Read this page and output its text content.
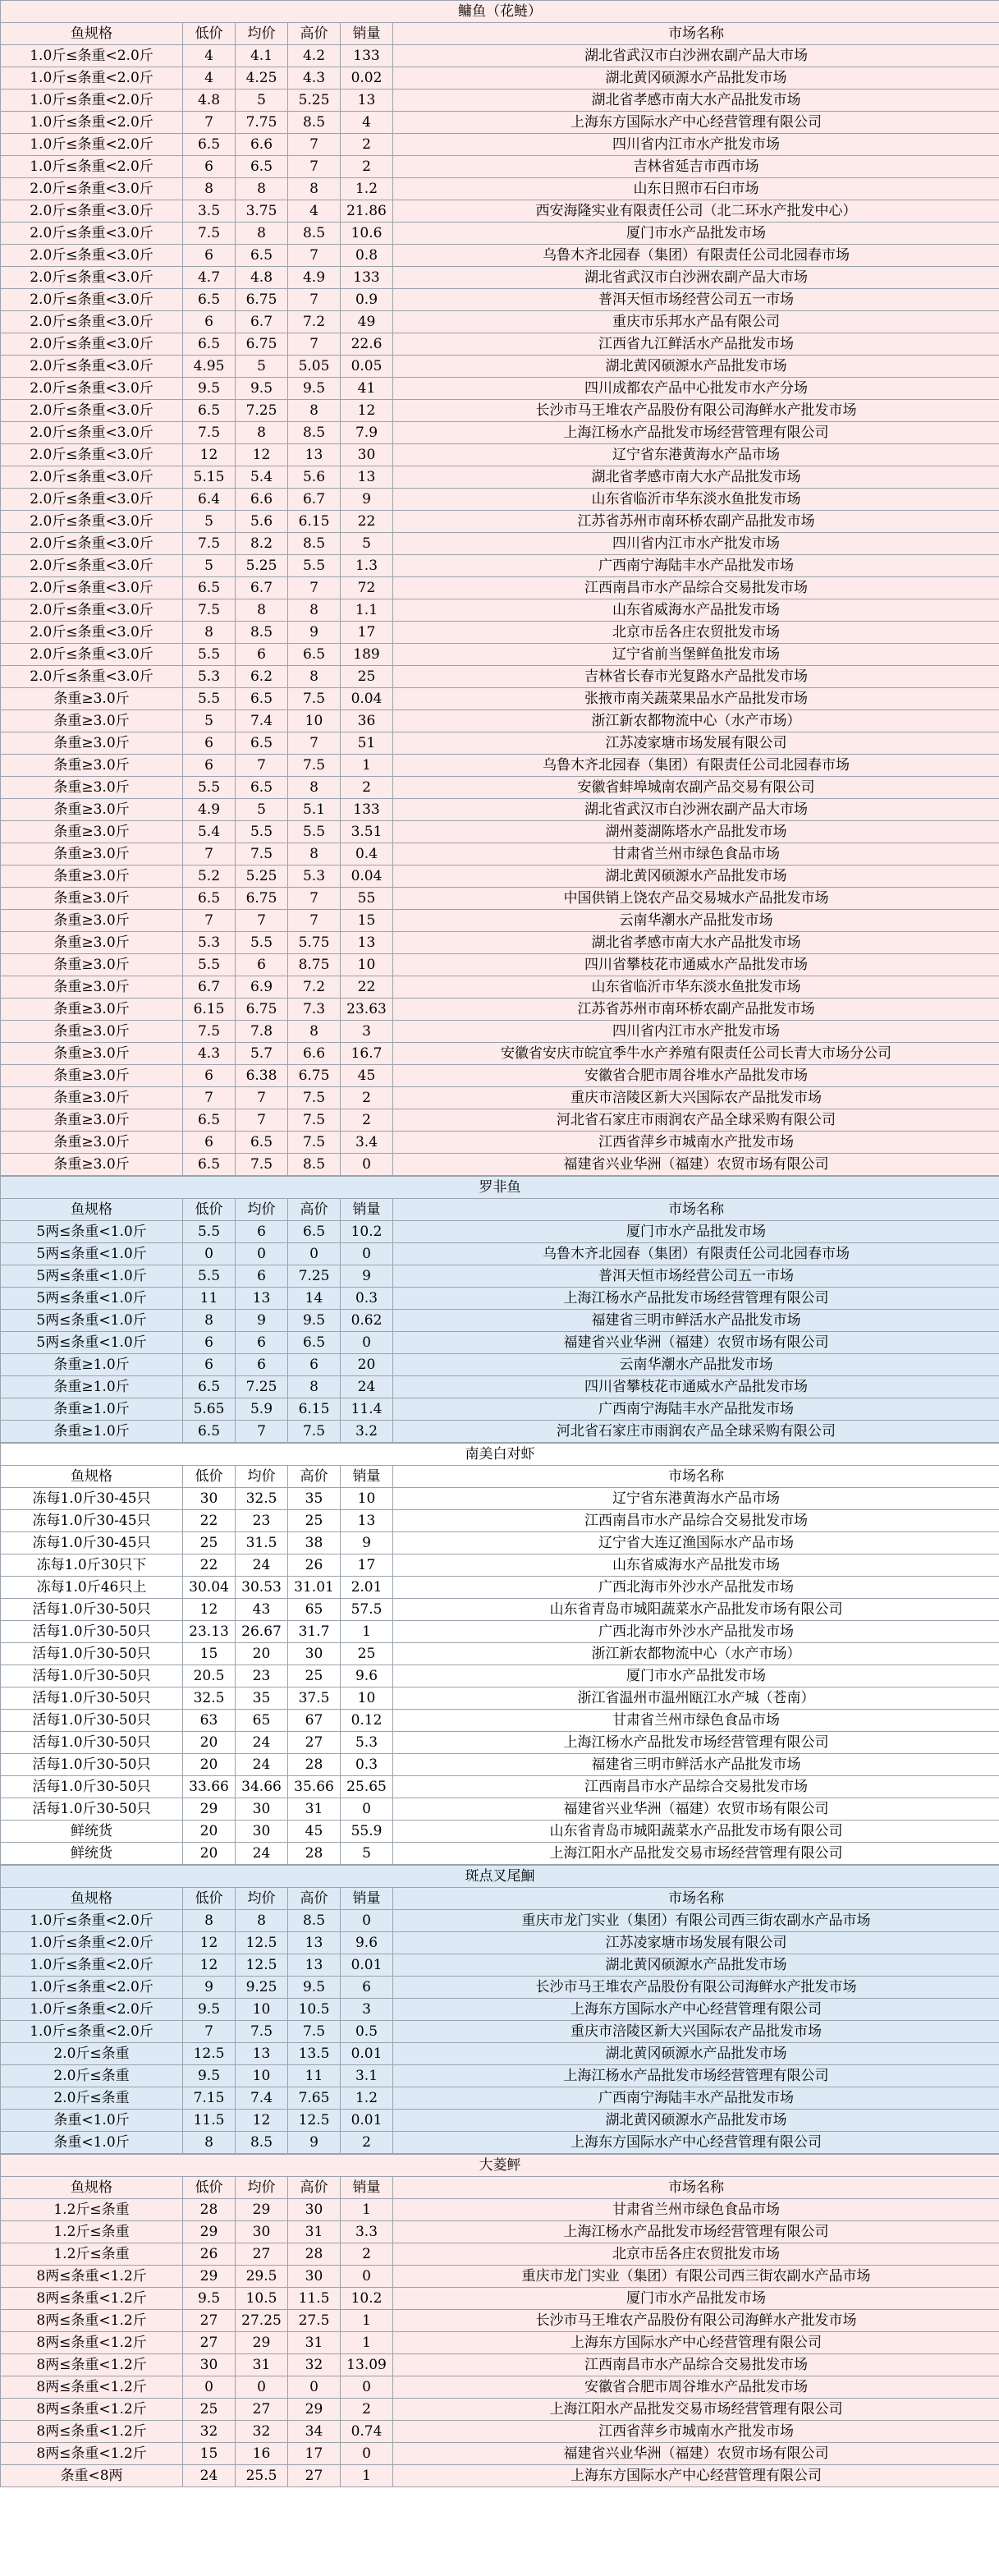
鳙鱼（花鲢）					
鱼规格	低价	均价	高价	销量	市场名称
1.0斤≤条重<2.0斤	4	4.1	4.2	133	湖北省武汉市白沙洲农副产品大市场
1.0斤≤条重<2.0斤	4	4.25	4.3	0.02	湖北黄冈硕源水产品批发市场
1.0斤≤条重<2.0斤	4.8	5	5.25	13	湖北省孝感市南大水产品批发市场
1.0斤≤条重<2.0斤	7	7.75	8.5	4	上海东方国际水产中心经营管理有限公司
1.0斤≤条重<2.0斤	6.5	6.6	7	2	四川省内江市水产批发市场
1.0斤≤条重<2.0斤	6	6.5	7	2	吉林省延吉市西市场
2.0斤≤条重<3.0斤	8	8	8	1.2	山东日照市石臼市场
2.0斤≤条重<3.0斤	3.5	3.75	4	21.86	西安海隆实业有限责任公司（北二环水产批发中心）
2.0斤≤条重<3.0斤	7.5	8	8.5	10.6	厦门市水产品批发市场
2.0斤≤条重<3.0斤	6	6.5	7	0.8	乌鲁木齐北园春（集团）有限责任公司北园春市场
2.0斤≤条重<3.0斤	4.7	4.8	4.9	133	湖北省武汉市白沙洲农副产品大市场
2.0斤≤条重<3.0斤	6.5	6.75	7	0.9	普洱天恒市场经营公司五一市场
2.0斤≤条重<3.0斤	6	6.7	7.2	49	重庆市乐邦水产品有限公司
2.0斤≤条重<3.0斤	6.5	6.75	7	22.6	江西省九江鲜活水产品批发市场
2.0斤≤条重<3.0斤	4.95	5	5.05	0.05	湖北黄冈硕源水产品批发市场
2.0斤≤条重<3.0斤	9.5	9.5	9.5	41	四川成都农产品中心批发市水产分场
2.0斤≤条重<3.0斤	6.5	7.25	8	12	长沙市马王堆农产品股份有限公司海鲜水产批发市场
2.0斤≤条重<3.0斤	7.5	8	8.5	7.9	上海江杨水产品批发市场经营管理有限公司
2.0斤≤条重<3.0斤	12	12	13	30	辽宁省东港黄海水产品市场
2.0斤≤条重<3.0斤	5.15	5.4	5.6	13	湖北省孝感市南大水产品批发市场
2.0斤≤条重<3.0斤	6.4	6.6	6.7	9	山东省临沂市华东淡水鱼批发市场
2.0斤≤条重<3.0斤	5	5.6	6.15	22	江苏省苏州市南环桥农副产品批发市场
2.0斤≤条重<3.0斤	7.5	8.2	8.5	5	四川省内江市水产批发市场
2.0斤≤条重<3.0斤	5	5.25	5.5	1.3	广西南宁海陆丰水产品批发市场
2.0斤≤条重<3.0斤	6.5	6.7	7	72	江西南昌市水产品综合交易批发市场
2.0斤≤条重<3.0斤	7.5	8	8	1.1	山东省威海水产品批发市场
2.0斤≤条重<3.0斤	8	8.5	9	17	北京市岳各庄农贸批发市场
2.0斤≤条重<3.0斤	5.5	6	6.5	189	辽宁省前当堡鲜鱼批发市场
2.0斤≤条重<3.0斤	5.3	6.2	8	25	吉林省长春市光复路水产品批发市场
条重≥3.0斤	5.5	6.5	7.5	0.04	张掖市南关蔬菜果品水产品批发市场
条重≥3.0斤	5	7.4	10	36	浙江新农都物流中心（水产市场）
条重≥3.0斤	6	6.5	7	51	江苏凌家塘市场发展有限公司
条重≥3.0斤	6	7	7.5	1	乌鲁木齐北园春（集团）有限责任公司北园春市场
条重≥3.0斤	5.5	6.5	8	2	安徽省蚌埠城南农副产品交易有限公司
条重≥3.0斤	4.9	5	5.1	133	湖北省武汉市白沙洲农副产品大市场
条重≥3.0斤	5.4	5.5	5.5	3.51	湖州菱湖陈塔水产品批发市场
条重≥3.0斤	7	7.5	8	0.4	甘肃省兰州市绿色食品市场
条重≥3.0斤	5.2	5.25	5.3	0.04	湖北黄冈硕源水产品批发市场
条重≥3.0斤	6.5	6.75	7	55	中国供销上饶农产品交易城水产品批发市场
条重≥3.0斤	7	7	7	15	云南华潮水产品批发市场
条重≥3.0斤	5.3	5.5	5.75	13	湖北省孝感市南大水产品批发市场
条重≥3.0斤	5.5	6	8.75	10	四川省攀枝花市通威水产品批发市场
条重≥3.0斤	6.7	6.9	7.2	22	山东省临沂市华东淡水鱼批发市场
条重≥3.0斤	6.15	6.75	7.3	23.63	江苏省苏州市南环桥农副产品批发市场
条重≥3.0斤	7.5	7.8	8	3	四川省内江市水产批发市场
条重≥3.0斤	4.3	5.7	6.6	16.7	安徽省安庆市皖宜季牛水产养殖有限责任公司长青大市场分公司
条重≥3.0斤	6	6.38	6.75	45	安徽省合肥市周谷堆水产品批发市场
条重≥3.0斤	7	7	7.5	2	重庆市涪陵区新大兴国际农产品批发市场
条重≥3.0斤	6.5	7	7.5	2	河北省石家庄市雨润农产品全球采购有限公司
条重≥3.0斤	6	6.5	7.5	3.4	江西省萍乡市城南水产批发市场
条重≥3.0斤	6.5	7.5	8.5	0	福建省兴业华洲（福建）农贸市场有限公司
罗非鱼					
鱼规格	低价	均价	高价	销量	市场名称
5两≤条重<1.0斤	5.5	6	6.5	10.2	厦门市水产品批发市场
5两≤条重<1.0斤	0	0	0	0	乌鲁木齐北园春（集团）有限责任公司北园春市场
5两≤条重<1.0斤	5.5	6	7.25	9	普洱天恒市场经营公司五一市场
5两≤条重<1.0斤	11	13	14	0.3	上海江杨水产品批发市场经营管理有限公司
5两≤条重<1.0斤	8	9	9.5	0.62	福建省三明市鲜活水产品批发市场
5两≤条重<1.0斤	6	6	6.5	0	福建省兴业华洲（福建）农贸市场有限公司
条重≥1.0斤	6	6	6	20	云南华潮水产品批发市场
条重≥1.0斤	6.5	7.25	8	24	四川省攀枝花市通威水产品批发市场
条重≥1.0斤	5.65	5.9	6.15	11.4	广西南宁海陆丰水产品批发市场
条重≥1.0斤	6.5	7	7.5	3.2	河北省石家庄市雨润农产品全球采购有限公司
南美白对虾					
鱼规格	低价	均价	高价	销量	市场名称
冻每1.0斤30-45只	30	32.5	35	10	辽宁省东港黄海水产品市场
冻每1.0斤30-45只	22	23	25	13	江西南昌市水产品综合交易批发市场
冻每1.0斤30-45只	25	31.5	38	9	辽宁省大连辽渔国际水产品市场
冻每1.0斤30只下	22	24	26	17	山东省威海水产品批发市场
冻每1.0斤46只上	30.04	30.53	31.01	2.01	广西北海市外沙水产品批发市场
活每1.0斤30-50只	12	43	65	57.5	山东省青岛市城阳蔬菜水产品批发市场有限公司
活每1.0斤30-50只	23.13	26.67	31.7	1	广西北海市外沙水产品批发市场
活每1.0斤30-50只	15	20	30	25	浙江新农都物流中心（水产市场）
活每1.0斤30-50只	20.5	23	25	9.6	厦门市水产品批发市场
活每1.0斤30-50只	32.5	35	37.5	10	浙江省温州市温州瓯江水产城（苍南）
活每1.0斤30-50只	63	65	67	0.12	甘肃省兰州市绿色食品市场
活每1.0斤30-50只	20	24	27	5.3	上海江杨水产品批发市场经营管理有限公司
活每1.0斤30-50只	20	24	28	0.3	福建省三明市鲜活水产品批发市场
活每1.0斤30-50只	33.66	34.66	35.66	25.65	江西南昌市水产品综合交易批发市场
活每1.0斤30-50只	29	30	31	0	福建省兴业华洲（福建）农贸市场有限公司
鲜统货	20	30	45	55.9	山东省青岛市城阳蔬菜水产品批发市场有限公司
鲜统货	20	24	28	5	上海江阳水产品批发交易市场经营管理有限公司
斑点叉尾鮰					
鱼规格	低价	均价	高价	销量	市场名称
1.0斤≤条重<2.0斤	8	8	8.5	0	重庆市龙门实业（集团）有限公司西三街农副水产品市场
1.0斤≤条重<2.0斤	12	12.5	13	9.6	江苏凌家塘市场发展有限公司
1.0斤≤条重<2.0斤	12	12.5	13	0.01	湖北黄冈硕源水产品批发市场
1.0斤≤条重<2.0斤	9	9.25	9.5	6	长沙市马王堆农产品股份有限公司海鲜水产批发市场
1.0斤≤条重<2.0斤	9.5	10	10.5	3	上海东方国际水产中心经营管理有限公司
1.0斤≤条重<2.0斤	7	7.5	7.5	0.5	重庆市涪陵区新大兴国际农产品批发市场
2.0斤≤条重	12.5	13	13.5	0.01	湖北黄冈硕源水产品批发市场
2.0斤≤条重	9.5	10	11	3.1	上海江杨水产品批发市场经营管理有限公司
2.0斤≤条重	7.15	7.4	7.65	1.2	广西南宁海陆丰水产品批发市场
条重<1.0斤	11.5	12	12.5	0.01	湖北黄冈硕源水产品批发市场
条重<1.0斤	8	8.5	9	2	上海东方国际水产中心经营管理有限公司
大菱鲆					
鱼规格	低价	均价	高价	销量	市场名称
1.2斤≤条重	28	29	30	1	甘肃省兰州市绿色食品市场
1.2斤≤条重	29	30	31	3.3	上海江杨水产品批发市场经营管理有限公司
1.2斤≤条重	26	27	28	2	北京市岳各庄农贸批发市场
8两≤条重<1.2斤	29	29.5	30	0	重庆市龙门实业（集团）有限公司西三街农副水产品市场
8两≤条重<1.2斤	9.5	10.5	11.5	10.2	厦门市水产品批发市场
8两≤条重<1.2斤	27	27.25	27.5	1	长沙市马王堆农产品股份有限公司海鲜水产批发市场
8两≤条重<1.2斤	27	29	31	1	上海东方国际水产中心经营管理有限公司
8两≤条重<1.2斤	30	31	32	13.09	江西南昌市水产品综合交易批发市场
8两≤条重<1.2斤	0	0	0	0	安徽省合肥市周谷堆水产品批发市场
8两≤条重<1.2斤	25	27	29	2	上海江阳水产品批发交易市场经营管理有限公司
8两≤条重<1.2斤	32	32	34	0.74	江西省萍乡市城南水产批发市场
8两≤条重<1.2斤	15	16	17	0	福建省兴业华洲（福建）农贸市场有限公司
条重<8两	24	25.5	27	1	上海东方国际水产中心经营管理有限公司
